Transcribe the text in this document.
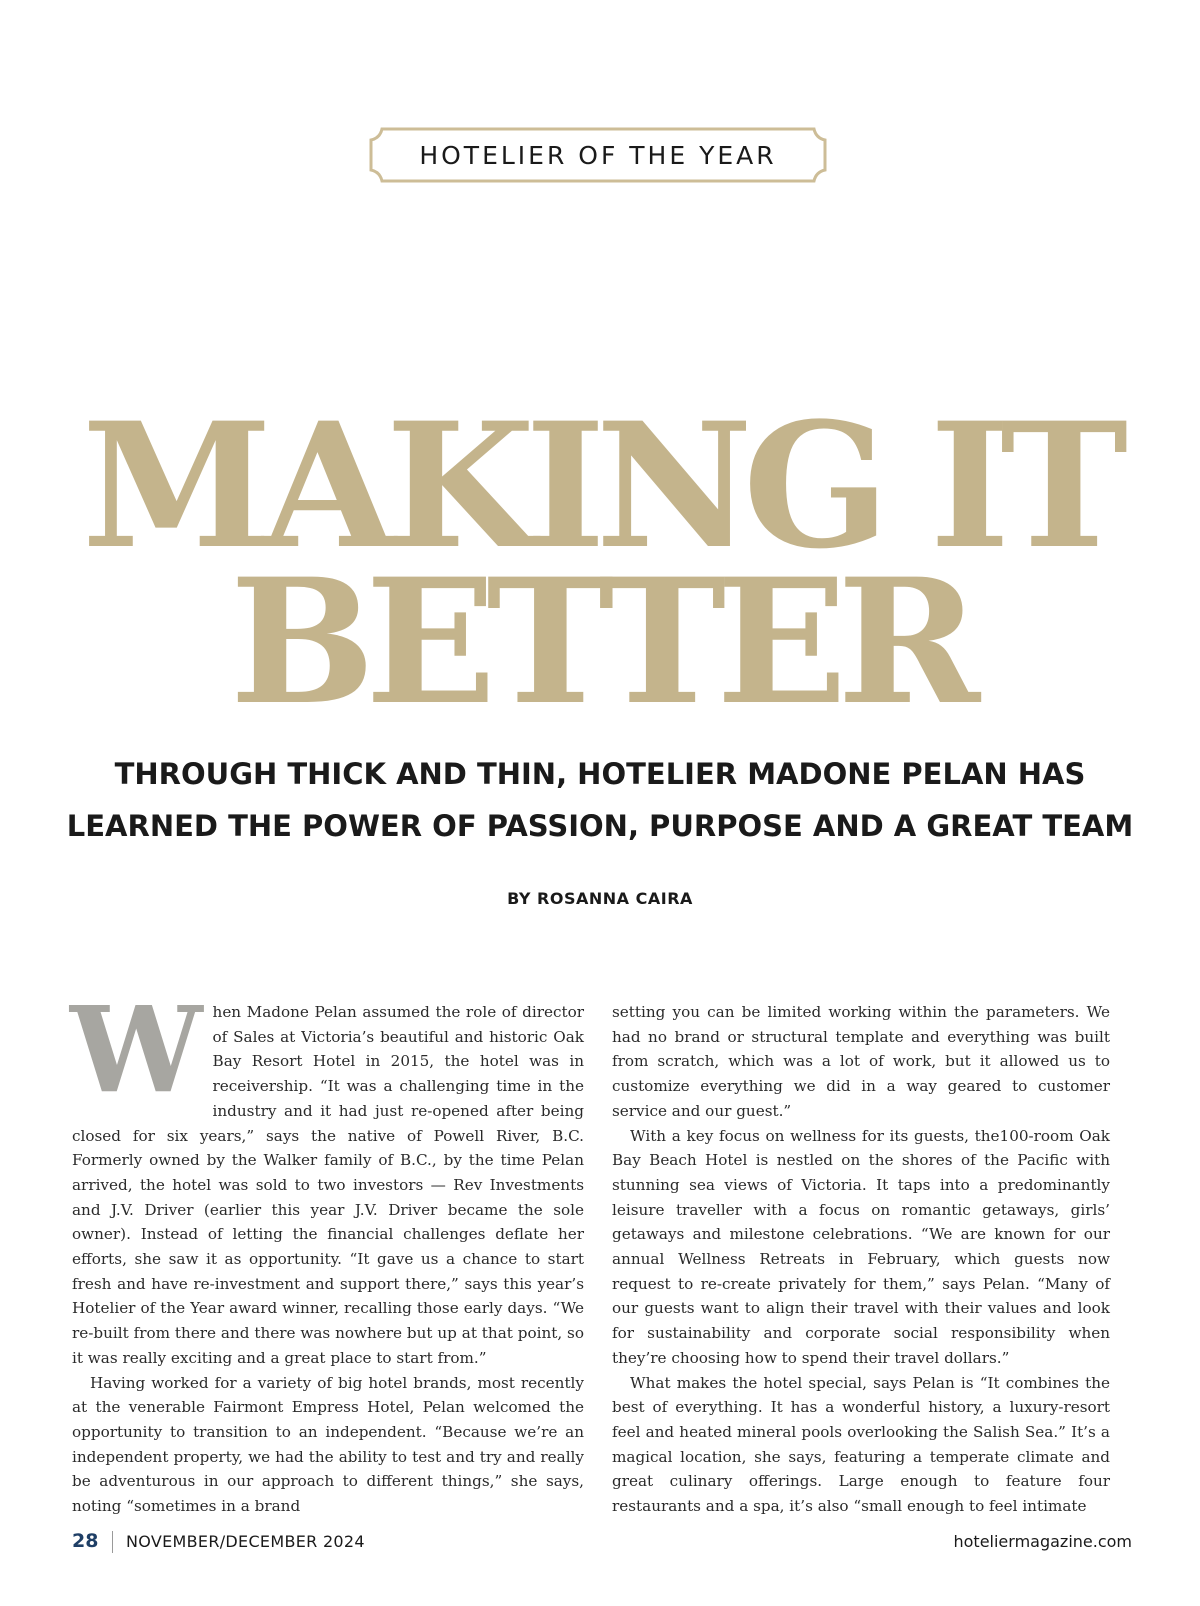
HOTELIER OF THE YEAR
MAKING IT
BETTER
THROUGH THICK AND THIN, HOTELIER MADONE PELAN HAS
LEARNED THE POWER OF PASSION, PURPOSE AND A GREAT TEAM
BY ROSANNA CAIRA
W hen Madone Pelan assumed the role of director of Sales at Victoria’s beautiful and historic Oak Bay Resort Hotel in 2015, the hotel was in receivership. “It was a challenging time in the industry and it had just re-opened after being closed for six years,” says the native of Powell River, B.C. Formerly owned by the Walker family of B.C., by the time Pelan arrived, the hotel was sold to two investors — Rev Investments and J.V. Driver (earlier this year J.V. Driver became the sole owner). Instead of letting the financial challenges deflate her efforts, she saw it as opportunity. “It gave us a chance to start fresh and have re-investment and support there,” says this year’s Hotelier of the Year award winner, recalling those early days. “We re-built from there and there was nowhere but up at that point, so it was really exciting and a great place to start from.”

Having worked for a variety of big hotel brands, most recently at the venerable Fairmont Empress Hotel, Pelan welcomed the opportunity to transition to an independent. “Because we’re an independent property, we had the ability to test and try and really be adventurous in our approach to different things,” she says, noting “sometimes in a brand

setting you can be limited working within the parameters. We had no brand or structural template and everything was built from scratch, which was a lot of work, but it allowed us to customize everything we did in a way geared to customer service and our guest.”

With a key focus on wellness for its guests, the100-room Oak Bay Beach Hotel is nestled on the shores of the Pacific with stunning sea views of Victoria. It taps into a predominantly leisure traveller with a focus on romantic getaways, girls’ getaways and milestone celebrations. “We are known for our annual Wellness Retreats in February, which guests now request to re-create privately for them,” says Pelan. “Many of our guests want to align their travel with their values and look for sustainability and corporate social responsibility when they’re choosing how to spend their travel dollars.”

What makes the hotel special, says Pelan is “It combines the best of everything. It has a wonderful history, a luxury-resort feel and heated mineral pools overlooking the Salish Sea.” It’s a magical location, she says, featuring a temperate climate and great culinary offerings. Large enough to feature four restaurants and a spa, it’s also “small enough to feel intimate

28 NOVEMBER/DECEMBER 2024	hoteliermagazine.com
